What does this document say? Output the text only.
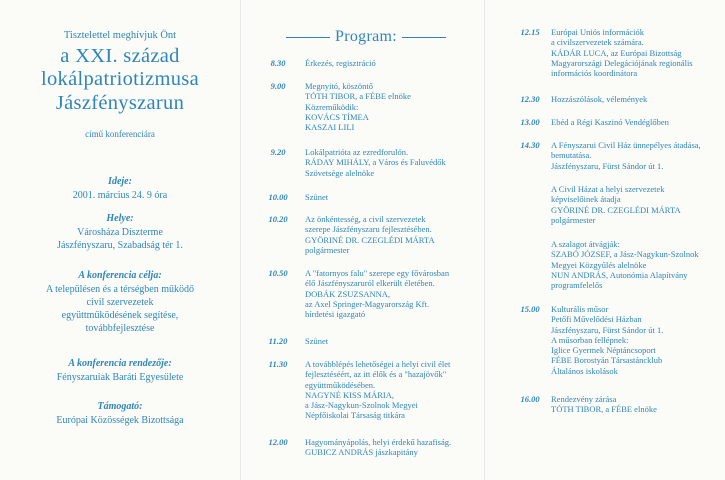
Tisztelettel meghívjuk Önt
a XXI. század
lokálpatriotizmusa
Jászfényszarun
című konferenciára
Ideje:
2001. március 24. 9 óra
Helye:
Városháza Díszterme
Jászfényszaru, Szabadság tér 1.
A konferencia célja:
A településen és a térségben működő
civil szervezetek
együttműködésének segítése,
továbbfejlesztése
A konferencia rendezője:
Fényszaruiak Baráti Egyesülete
Támogató:
Európai Közösségek Bizottsága
Program:
8.30	Érkezés, regisztráció
9.00	Megnyitó, köszöntő
TÓTH TIBOR, a FÉBE elnöke
Közreműködik:
KOVÁCS TÍMEA
KASZAI LILI
9.20	Lokálpatrióta az ezredforulón.
RÁDAY MIHÁLY, a Város és Faluvédők
Szövetsége alelnöke
10.00	Szünet
10.20	Az önkéntesség, a civil szervezetek
szerepe Jászfényszaru fejlesztésében.
GYÖRINÉ DR. CZEGLÉDI MÁRTA
polgármester
10.50	A "fatornyos falu" szerepe egy fővárosban
élő Jászfényszaruról elkerült életében.
DOBÁK ZSUZSANNA,
az Axel Springer-Magyarország Kft.
hírdetési igazgató
11.20	Szünet
11.30	A továbblépés lehetőségei a helyi civil élet
fejlesztéséért, az itt élők és a "hazajövők"
együttműködésében.
NAGYNÉ KISS MÁRIA,
a Jász-Nagykun-Szolnok Megyei
Népfőiskolai Társaság titkára
12.00	Hagyományápolás, helyi érdekű hazafiság.
GUBICZ ANDRÁS jászkapitány
12.15	Európai Uniós információk
a civilszervezetek számára.
KÁDÁR LUCA, az Európai Bizottság
Magyarországi Delegációjának regionális
információs koordinátora
12.30	Hozzászólások, vélemények
13.00	Ebéd a Régi Kaszinó Vendéglőben
14.30	A Fényszarui Civil Ház ünnepélyes átadása,
bemutatása.
Jászfényszaru, Fürst Sándor út 1.
A Civil Házat a helyi szervezetek
képviselőinek átadja
GYÖRINÉ DR. CZEGLÉDI MÁRTA
polgármester
A szalagot átvágják:
SZABÓ JÓZSEF, a Jász-Nagykun-Szolnok
Megyei Közgyűlés alelnöke
NUN ANDRÁS, Autonómia Alapítvány
programfelelős
15.00	Kulturális műsor
Petőfi Művelődési Házban
Jászfényszaru, Fürst Sándor út 1.
A műsorban fellépnek:
Iglice Gyermek Néptáncsoport
FÉBE Borostyán Társastáncklub
Általános iskolások
16.00	Rendezvény zárása
TÓTH TIBOR, a FÉBE elnöke
